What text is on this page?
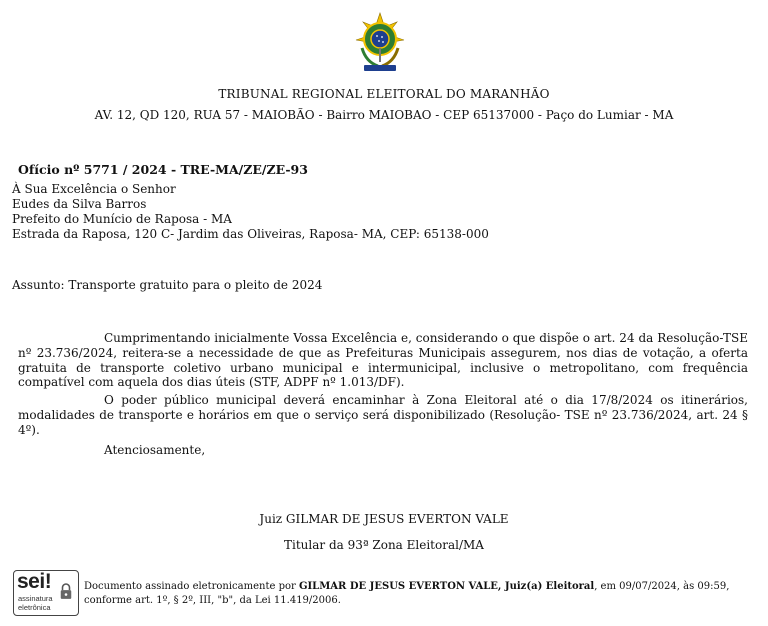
TRIBUNAL REGIONAL ELEITORAL DO MARANHÃO
AV. 12, QD 120, RUA 57 - MAIOBÃO - Bairro MAIOBAO - CEP 65137000 - Paço do Lumiar - MA
Ofício nº 5771 / 2024 - TRE-MA/ZE/ZE-93
À Sua Excelência o Senhor
Eudes da Silva Barros
Prefeito do Munício de Raposa - MA
Estrada da Raposa, 120 C- Jardim das Oliveiras, Raposa- MA, CEP: 65138-000
Assunto: Transporte gratuito para o pleito de 2024
Cumprimentando inicialmente Vossa Excelência e, considerando o que dispõe o art. 24 da Resolução-TSE nº 23.736/2024, reitera-se a necessidade de que as Prefeituras Municipais assegurem, nos dias de votação, a oferta gratuita de transporte coletivo urbano municipal e intermunicipal, inclusive o metropolitano, com frequência compatível com aquela dos dias úteis (STF, ADPF nº 1.013/DF).
O poder público municipal deverá encaminhar à Zona Eleitoral até o dia 17/8/2024 os itinerários, modalidades de transporte e horários em que o serviço será disponibilizado (Resolução- TSE nº 23.736/2024, art. 24 § 4º).
Atenciosamente,
Juiz GILMAR DE JESUS EVERTON VALE
Titular da 93ª Zona Eleitoral/MA
sei!
assinatura
eletrônica
Documento assinado eletronicamente por GILMAR DE JESUS EVERTON VALE, Juiz(a) Eleitoral, em 09/07/2024, às 09:59,
conforme art. 1º, § 2º, III, "b", da Lei 11.419/2006.
